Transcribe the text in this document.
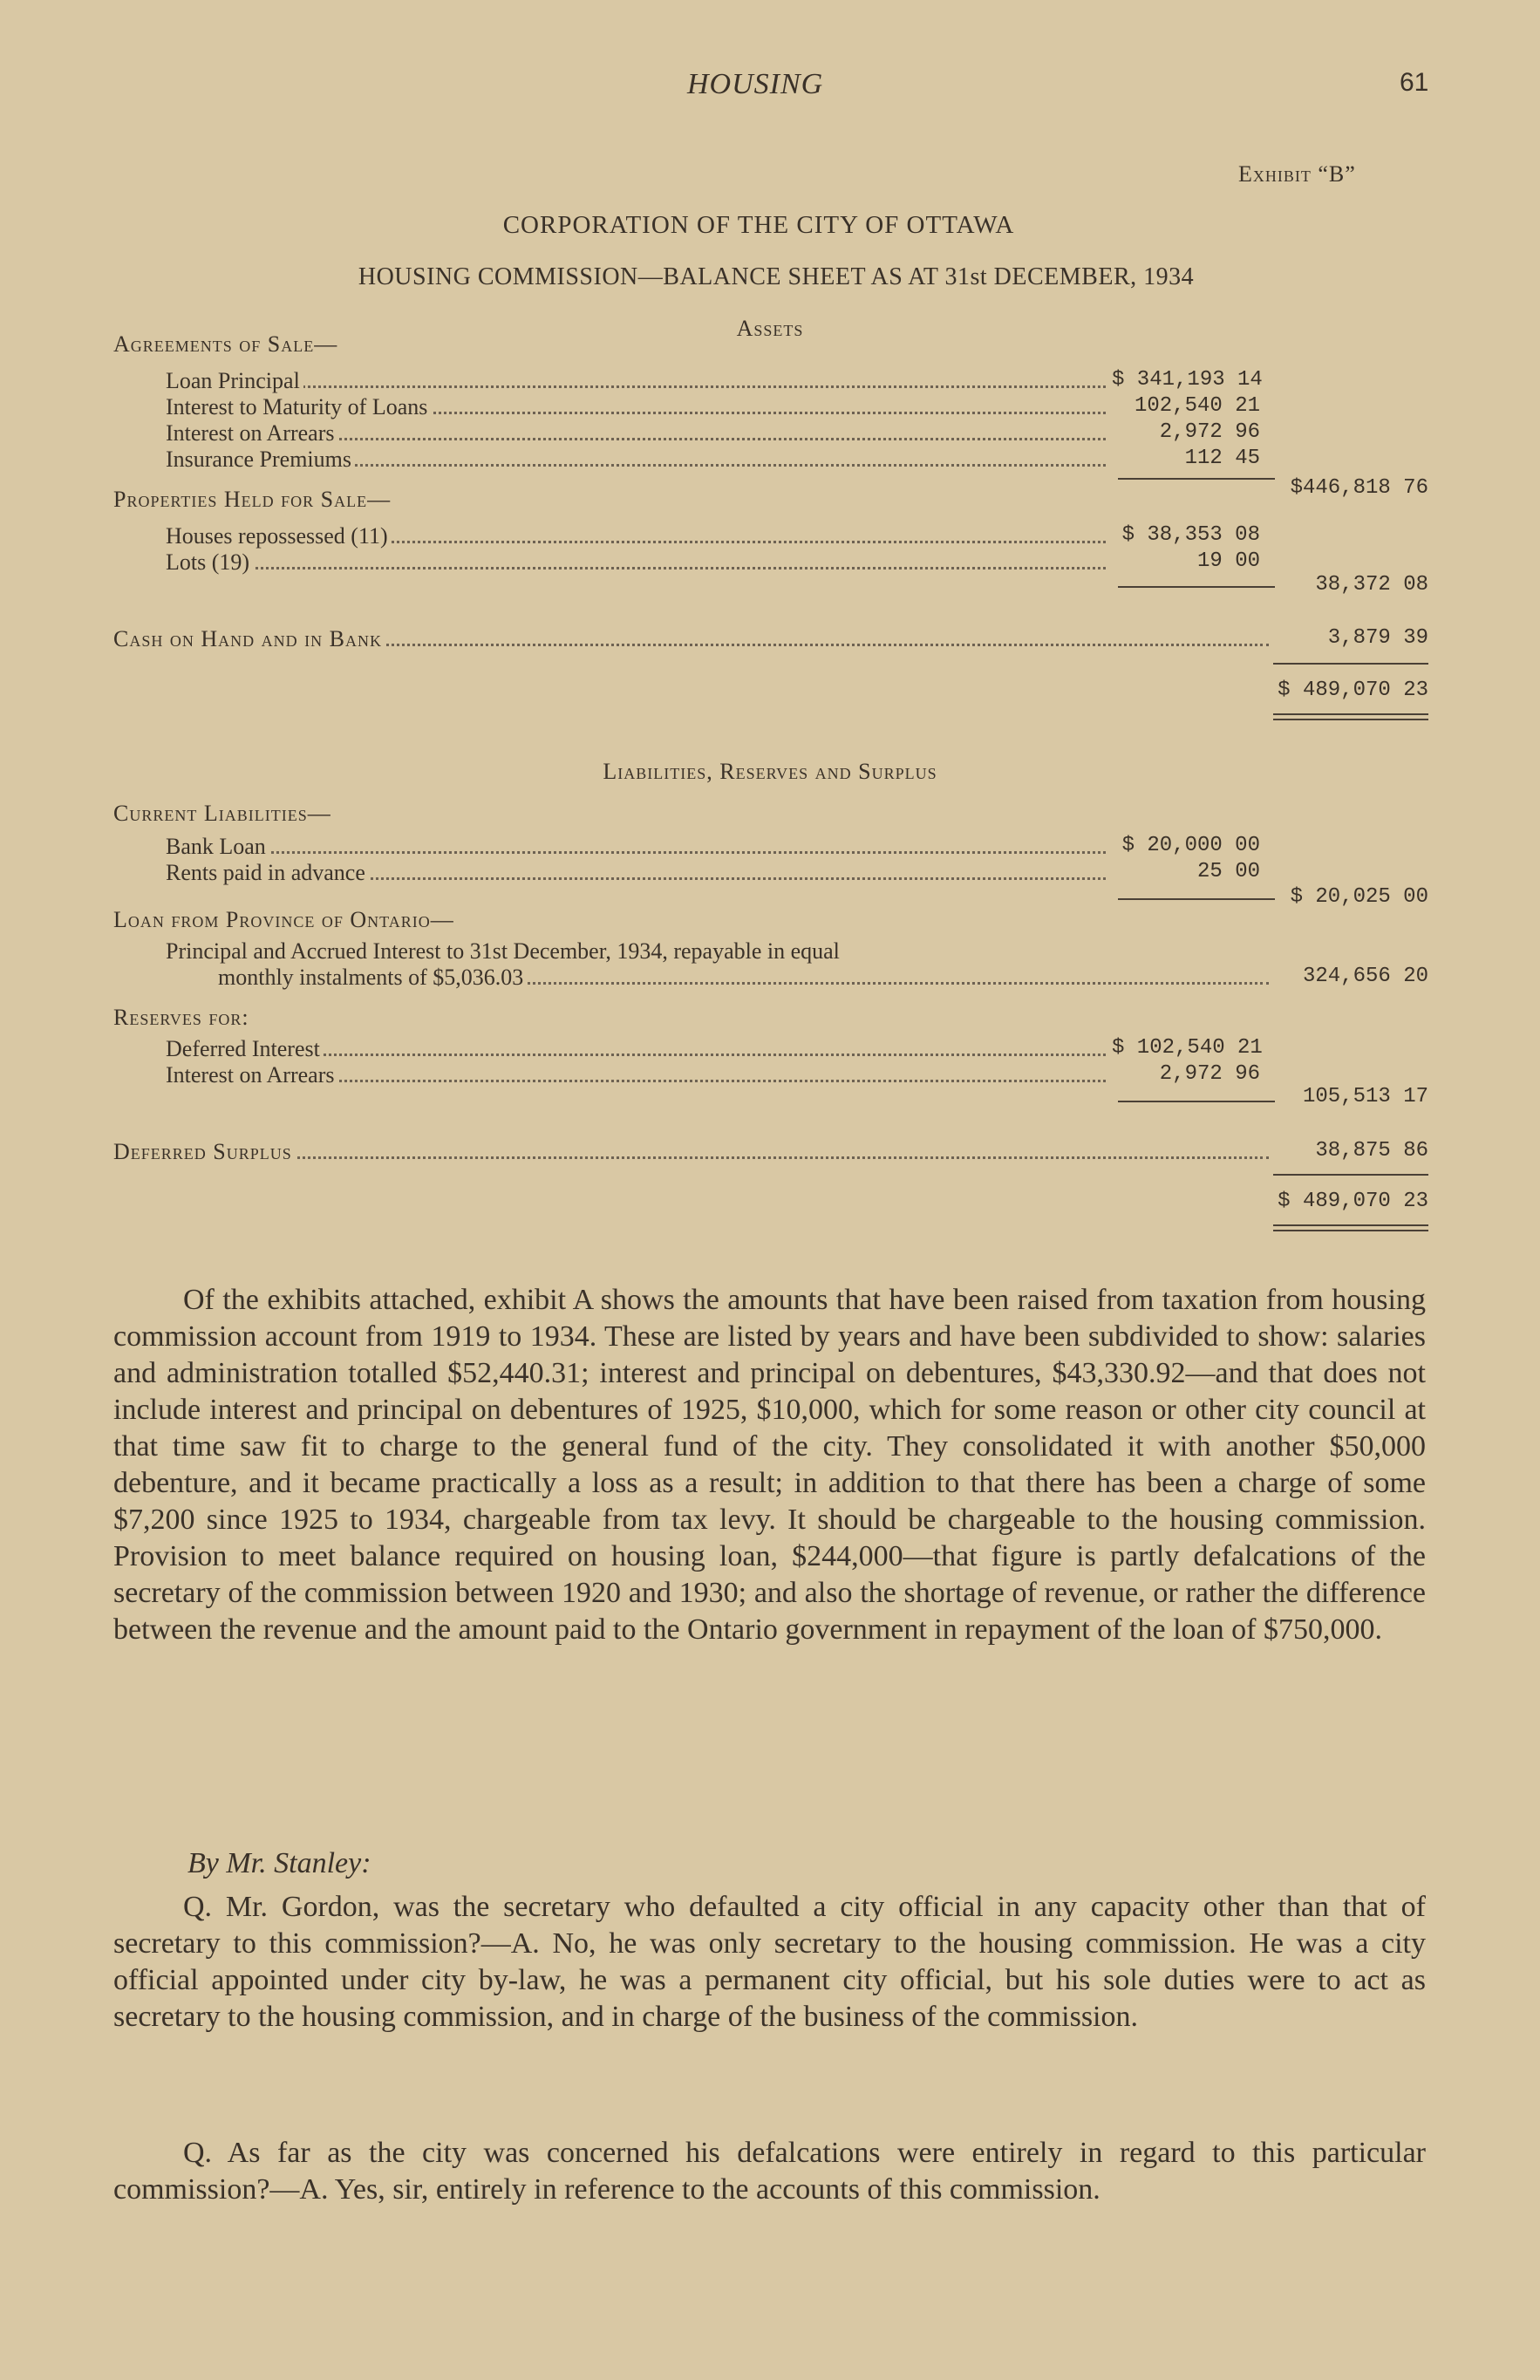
HOUSING	61
Exhibit “B”
CORPORATION OF THE CITY OF OTTAWA
HOUSING COMMISSION—BALANCE SHEET AS AT 31st DECEMBER, 1934
Assets
Agreements of Sale—
Loan Principal	$ 341,193 14
Interest to Maturity of Loans	102,540 21
Interest on Arrears	2,972 96
Insurance Premiums	112 45
$446,818 76
Properties Held for Sale—
Houses repossessed (11)	$ 38,353 08
Lots (19)	19 00
38,372 08
Cash on Hand and in Bank	3,879 39
$ 489,070 23
Liabilities, Reserves and Surplus
Current Liabilities—
Bank Loan	$ 20,000 00
Rents paid in advance	25 00
$ 20,025 00
Loan from Province of Ontario—
Principal and Accrued Interest to 31st December, 1934, repayable in equal
monthly instalments of $5,036.03	324,656 20
Reserves for:
Deferred Interest	$ 102,540 21
Interest on Arrears	2,972 96
105,513 17
Deferred Surplus	38,875 86
$ 489,070 23

Of the exhibits attached, exhibit A shows the amounts that have been raised from taxation from housing commission account from 1919 to 1934. These are listed by years and have been subdivided to show: salaries and administration totalled $52,440.31; interest and principal on debentures, $43,330.92—and that does not include interest and principal on debentures of 1925, $10,000, which for some reason or other city council at that time saw fit to charge to the general fund of the city. They consolidated it with another $50,000 debenture, and it became practically a loss as a result; in addition to that there has been a charge of some $7,200 since 1925 to 1934, chargeable from tax levy. It should be chargeable to the housing commission. Provision to meet balance required on housing loan, $244,000—that figure is partly defalcations of the secretary of the commission between 1920 and 1930; and also the shortage of revenue, or rather the difference between the revenue and the amount paid to the Ontario government in repayment of the loan of $750,000.

By Mr. Stanley:

Q. Mr. Gordon, was the secretary who defaulted a city official in any capacity other than that of secretary to this commission?—A. No, he was only secretary to the housing commission. He was a city official appointed under city by-law, he was a permanent city official, but his sole duties were to act as secretary to the housing commission, and in charge of the business of the commission.

Q. As far as the city was concerned his defalcations were entirely in regard to this particular commission?—A. Yes, sir, entirely in reference to the accounts of this commission.
